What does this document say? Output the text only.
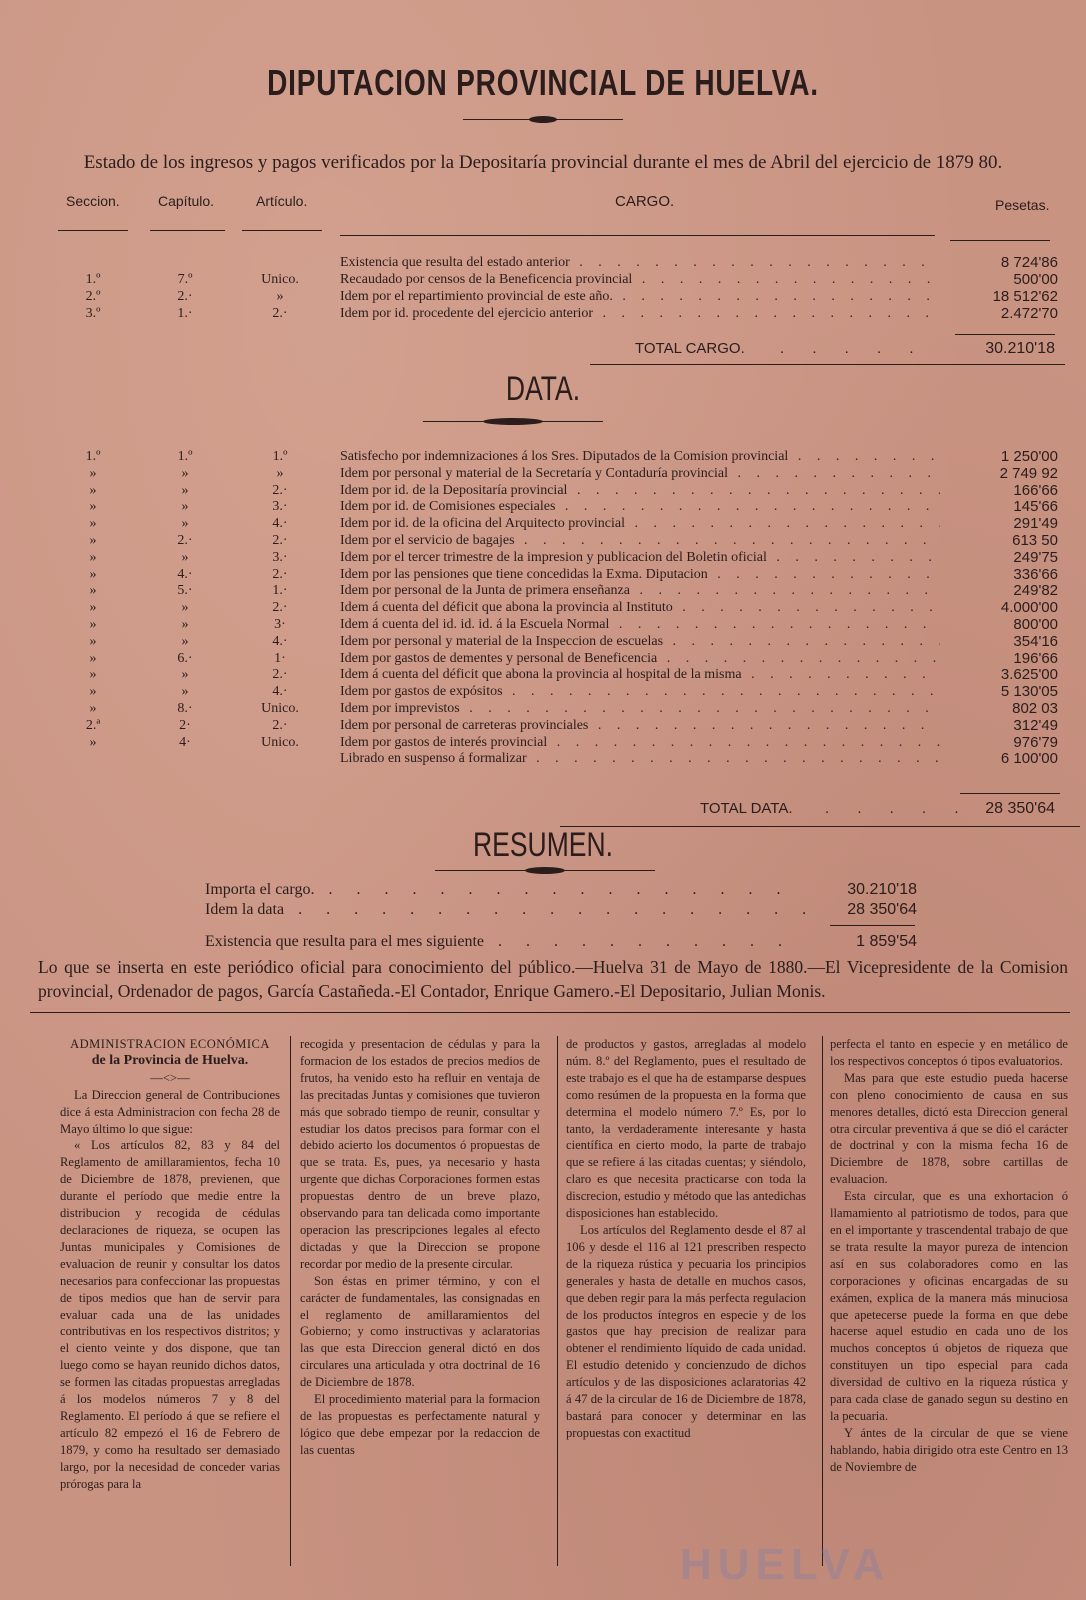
DIPUTACION PROVINCIAL DE HUELVA.
Estado de los ingresos y pagos verificados por la Depositaría provincial durante el mes de Abril del ejercicio de 1879 80.
Seccion.	Capítulo.	Artículo.	CARGO.	Pesetas.
Existencia que resulta del estado anterior . . .	8 724'86
1.º	7.º	Unico.	Recaudado por censos de la Beneficencia provincial . . .	500'00
2.º	2.·	»	Idem por el repartimiento provincial de este año. . . .	18 512'62
3.º	1.·	2.·	Idem por id. procedente del ejercicio anterior . . .	2.472'70
TOTAL CARGO. . . . . .	30.210'18
DATA.
1.º	1.º	1.º	Satisfecho por indemnizaciones á los Sres. Diputados de la Comision provincial . . .	1 250'00
»	»	»	Idem por personal y material de la Secretaría y Contaduría provincial . . .	2 749 92
»	»	2.·	Idem por id. de la Depositaría provincial . . .	166'66
»	»	3.·	Idem por id. de Comisiones especiales . . .	145'66
»	»	4.·	Idem por id. de la oficina del Arquitecto provincial . . .	291'49
»	2.·	2.·	Idem por el servicio de bagajes . . .	613 50
»	»	3.·	Idem por el tercer trimestre de la impresion y publicacion del Boletin oficial . . .	249'75
»	4.·	2.·	Idem por las pensiones que tiene concedidas la Exma. Diputacion . . .	336'66
»	5.·	1.·	Idem por personal de la Junta de primera enseñanza . . .	249'82
»	»	2.·	Idem á cuenta del déficit que abona la provincia al Instituto . . .	4.000'00
»	»	3·	Idem á cuenta del id. id. id. á la Escuela Normal . . .	800'00
»	»	4.·	Idem por personal y material de la Inspeccion de escuelas . . .	354'16
»	6.·	1·	Idem por gastos de dementes y personal de Beneficencia . . .	196'66
»	»	2.·	Idem á cuenta del déficit que abona la provincia al hospital de la misma . . .	3.625'00
»	»	4.·	Idem por gastos de expósitos . . .	5 130'05
»	8.·	Unico.	Idem por imprevistos . . .	802 03
2.ª	2·	2.·	Idem por personal de carreteras provinciales . . .	312'49
»	4·	Unico.	Idem por gastos de interés provincial . . .	976'79
Librado en suspenso á formalizar . . .	6 100'00
TOTAL DATA. . . . . . 28 350'64
RESUMEN.
Importa el cargo. . . .	30.210'18
Idem la data . . .	28 350'64
Existencia que resulta para el mes siguiente . . .	1 859'54
Lo que se inserta en este periódico oficial para conocimiento del público.—Huelva 31 de Mayo de 1880.—El Vicepresidente de la Comision provincial, Ordenador de pagos, García Castañeda.-El Contador, Enrique Gamero.-El Depositario, Julian Monis.

ADMINISTRACION ECONÓMICA

de la Provincia de Huelva.

—<>—

La Direccion general de Contribuciones dice á esta Administracion con fecha 28 de Mayo último lo que sigue:

« Los artículos 82, 83 y 84 del Reglamento de amillaramientos, fecha 10 de Diciembre de 1878, previenen, que durante el período que medie entre la distribucion y recogida de cédulas declaraciones de riqueza, se ocupen las Juntas municipales y Comisiones de evaluacion de reunir y consultar los datos necesarios para confeccionar las propuestas de tipos medios que han de servir para evaluar cada una de las unidades contributivas en los respectivos distritos; y el ciento veinte y dos dispone, que tan luego como se hayan reunido dichos datos, se formen las citadas propuestas arregladas á los modelos números 7 y 8 del Reglamento. El período á que se refiere el artículo 82 empezó el 16 de Febrero de 1879, y como ha resultado ser demasiado largo, por la necesidad de conceder varias prórogas para la

recogida y presentacion de cédulas y para la formacion de los estados de precios medios de frutos, ha venido esto ha refluir en ventaja de las precitadas Juntas y comisiones que tuvieron más que sobrado tiempo de reunir, consultar y estudiar los datos precisos para formar con el debido acierto los documentos ó propuestas de que se trata. Es, pues, ya necesario y hasta urgente que dichas Corporaciones formen estas propuestas dentro de un breve plazo, observando para tan delicada como importante operacion las prescripciones legales al efecto dictadas y que la Direccion se propone recordar por medio de la presente circular.

Son éstas en primer término, y con el carácter de fundamentales, las consignadas en el reglamento de amillaramientos del Gobierno; y como instructivas y aclaratorias las que esta Direccion general dictó en dos circulares una articulada y otra doctrinal de 16 de Diciembre de 1878.

El procedimiento material para la formacion de las propuestas es perfectamente natural y lógico que debe empezar por la redaccion de las cuentas

de productos y gastos, arregladas al modelo núm. 8.º del Reglamento, pues el resultado de este trabajo es el que ha de estamparse despues como resúmen de la propuesta en la forma que determina el modelo número 7.º Es, por lo tanto, la verdaderamente interesante y hasta científica en cierto modo, la parte de trabajo que se refiere á las citadas cuentas; y siéndolo, claro es que necesita practicarse con toda la discrecion, estudio y método que las antedichas disposiciones han establecido.

Los artículos del Reglamento desde el 87 al 106 y desde el 116 al 121 prescriben respecto de la riqueza rústica y pecuaria los principios generales y hasta de detalle en muchos casos, que deben regir para la más perfecta regulacion de los productos íntegros en especie y de los gastos que hay precision de realizar para obtener el rendimiento líquido de cada unidad. El estudio detenido y concienzudo de dichos artículos y de las disposiciones aclaratorias 42 á 47 de la circular de 16 de Diciembre de 1878, bastará para conocer y determinar en las propuestas con exactitud

perfecta el tanto en especie y en metálico de los respectivos conceptos ó tipos evaluatorios.

Mas para que este estudio pueda hacerse con pleno conocimiento de causa en sus menores detalles, dictó esta Direccion general otra circular preventiva á que se dió el carácter de doctrinal y con la misma fecha 16 de Diciembre de 1878, sobre cartillas de evaluacion.

Esta circular, que es una exhortacion ó llamamiento al patriotismo de todos, para que en el importante y trascendental trabajo de que se trata resulte la mayor pureza de intencion así en sus colaboradores como en las corporaciones y oficinas encargadas de su exámen, explica de la manera más minuciosa que apetecerse puede la forma en que debe hacerse aquel estudio en cada uno de los muchos conceptos ú objetos de riqueza que constituyen un tipo especial para cada diversidad de cultivo en la riqueza rústica y para cada clase de ganado segun su destino en la pecuaria.

Y ántes de la circular de que se viene hablando, habia dirigido otra este Centro en 13 de Noviembre de

HUELVA
